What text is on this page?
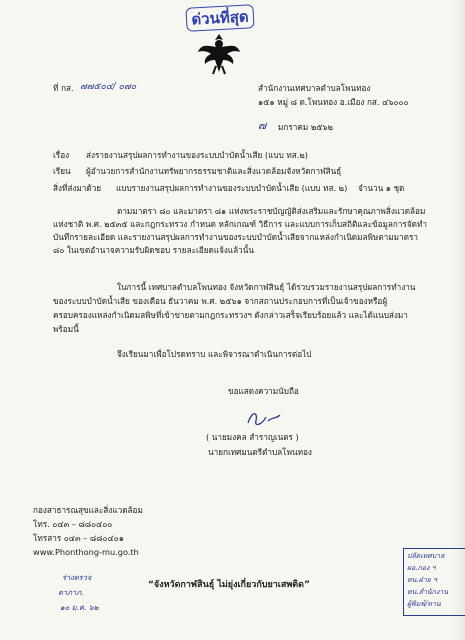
ด่วนที่สุด
ที่ กส. ๗๗๕๐๔/ ๐๗๐	สำนักงานเทศบาลตำบลโพนทอง
๑๕๑ หมู่ ๘ ต.โพนทอง อ.เมือง กส. ๔๖๐๐๐
๗ มกราคม ๒๕๖๒
เรื่อง ส่งรายงานสรุปผลการทำงานของระบบบำบัดน้ำเสีย (แบบ ทส.๒)
เรียน ผู้อำนวยการสำนักงานทรัพยากรธรรมชาติและสิ่งแวดล้อมจังหวัดกาฬสินธุ์
สิ่งที่ส่งมาด้วย แบบรายงานสรุปผลการทำงานของระบบบำบัดน้ำเสีย (แบบ ทส. ๒) จำนวน ๑ ชุด
ตามมาตรา ๘๐ และมาตรา ๘๑ แห่งพระราชบัญญัติส่งเสริมและรักษาคุณภาพสิ่งแวดล้อม
แห่งชาติ พ.ศ. ๒๕๓๕ และกฎกระทรวง กำหนด หลักเกณฑ์ วิธีการ และแบบการเก็บสถิติและข้อมูลการจัดทำ
บันทึกรายละเอียด และรายงานสรุปผลการทำงานของระบบบำบัดน้ำเสียจากแหล่งกำเนิดมลพิษตามมาตรา
๘๐ ในเขตอำนาจความรับผิดชอบ รายละเอียดแจ้งแล้วนั้น
ในการนี้ เทศบาลตำบลโพนทอง จังหวัดกาฬสินธุ์ ได้รวบรวมรายงานสรุปผลการทำงาน
ของระบบบำบัดน้ำเสีย ของเดือน ธันวาคม พ.ศ. ๒๕๖๑ จากสถานประกอบการที่เป็นเจ้าของหรือผู้
ครอบครองแหล่งกำเนิดมลพิษที่เข้าข่ายตามกฎกระทรวงฯ ดังกล่าวเสร็จเรียบร้อยแล้ว และได้แนบส่งมา
พร้อมนี้
จึงเรียนมาเพื่อโปรดทราบ และพิจารณาดำเนินการต่อไป
ขอแสดงความนับถือ
( นายมงคล สำราญเนตร )
นายกเทศมนตรีตำบลโพนทอง
กองสาธารณสุขและสิ่งแวดล้อม
โทร. ๐๔๓ – ๘๘๐๔๐๐
โทรสาร ๐๔๓ – ๘๘๐๔๐๑
www.Phonthong-mu.go.th
ร่างตรวจ
ตาภาภ.
๑๐ ม.ค. ๖๒
“จังหวัดกาฬสินธุ์ ไม่ยุ่งเกี่ยวกับยาเสพติด”
ปลัดเทศบาล
ผอ.กอง ฯ
หน.ฝ่าย ฯ
หน.สำนักงาน
ผู้พิมพ์/ทาน
